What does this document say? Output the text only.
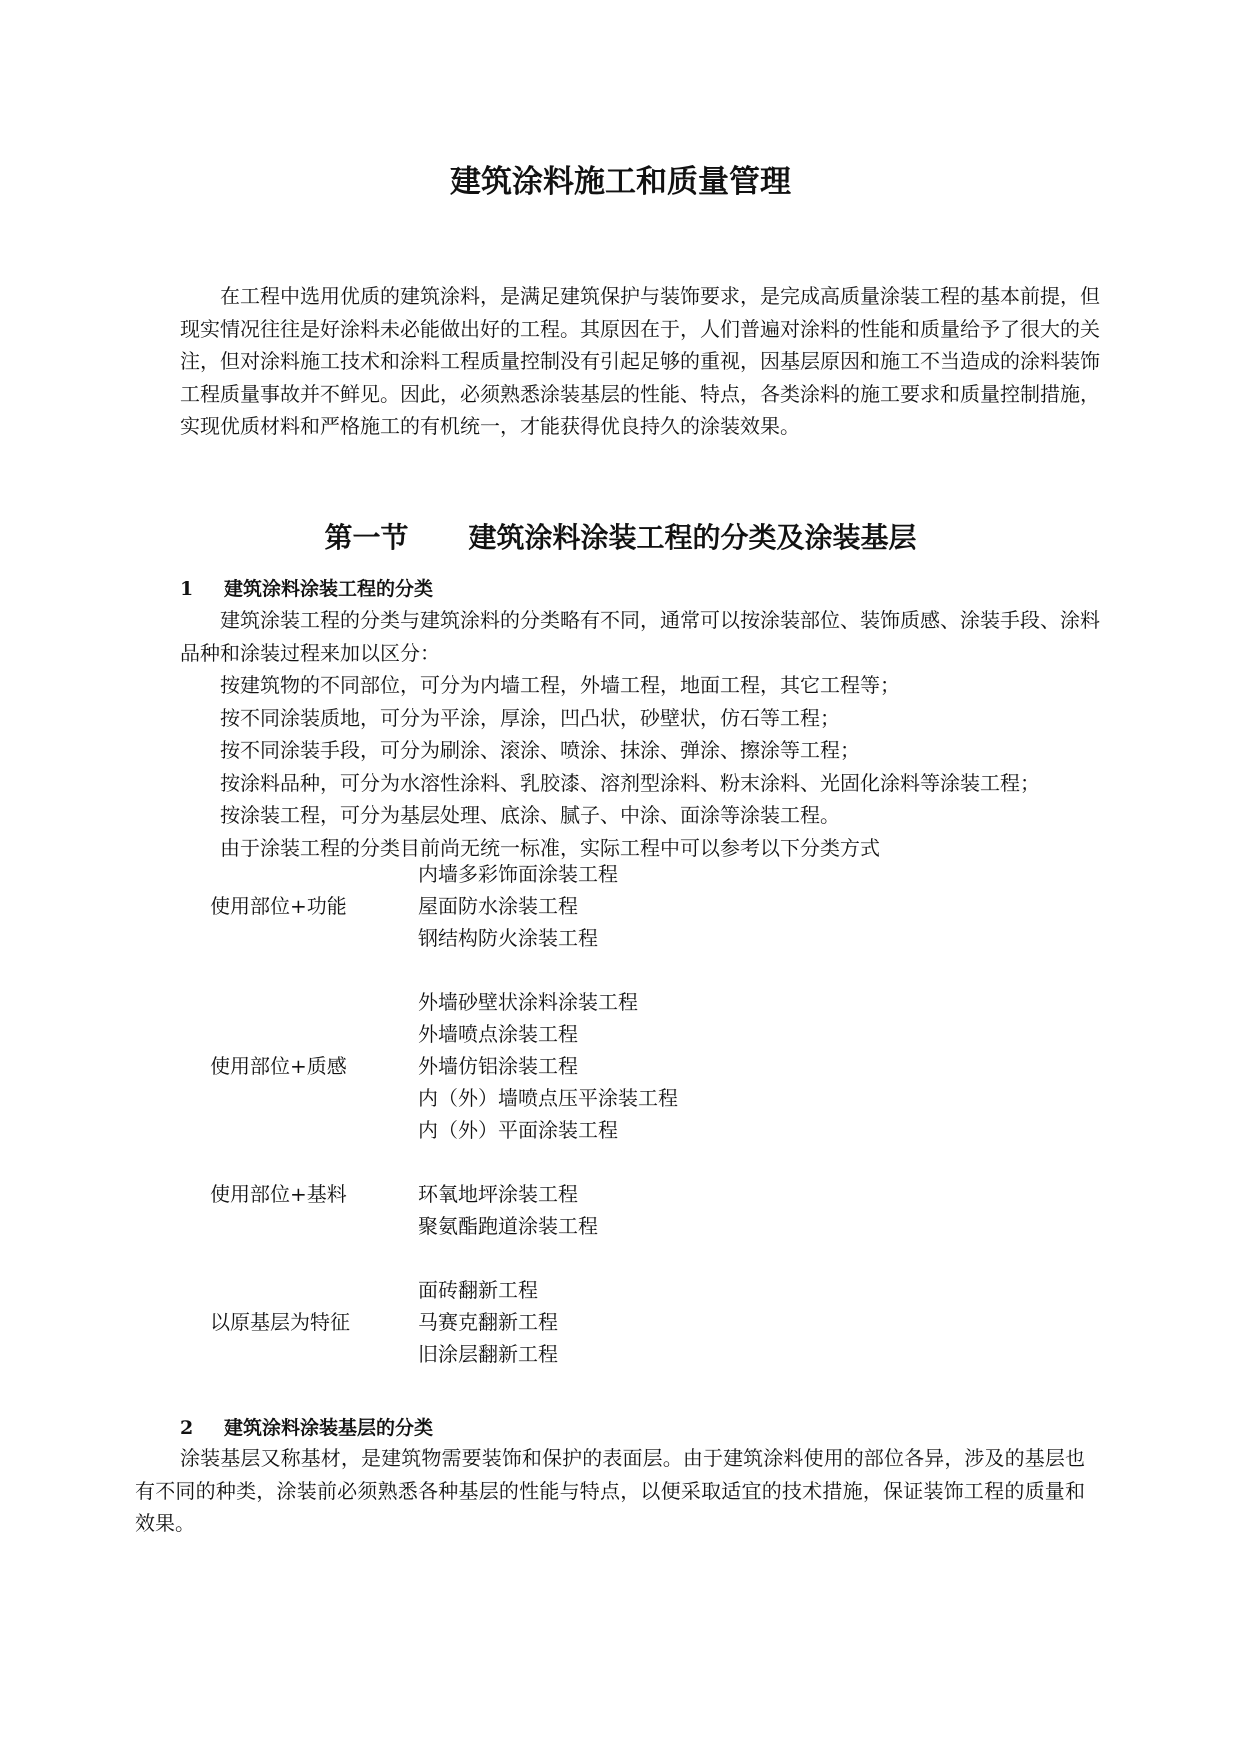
建筑涂料施工和质量管理

在工程中选用优质的建筑涂料，是满足建筑保护与装饰要求，是完成高质量涂装工程的基本前提，但现实情况往往是好涂料未必能做出好的工程。其原因在于，人们普遍对涂料的性能和质量给予了很大的关注，但对涂料施工技术和涂料工程质量控制没有引起足够的重视，因基层原因和施工不当造成的涂料装饰工程质量事故并不鲜见。因此，必须熟悉涂装基层的性能、特点，各类涂料的施工要求和质量控制措施，实现优质材料和严格施工的有机统一，才能获得优良持久的涂装效果。

第一节 建筑涂料涂装工程的分类及涂装基层
1 建筑涂料涂装工程的分类

建筑涂装工程的分类与建筑涂料的分类略有不同，通常可以按涂装部位、装饰质感、涂装手段、涂料品种和涂装过程来加以区分：

按建筑物的不同部位，可分为内墙工程，外墙工程，地面工程，其它工程等；

按不同涂装质地，可分为平涂，厚涂，凹凸状，砂壁状，仿石等工程；

按不同涂装手段，可分为刷涂、滚涂、喷涂、抹涂、弹涂、擦涂等工程；

按涂料品种，可分为水溶性涂料、乳胶漆、溶剂型涂料、粉末涂料、光固化涂料等涂装工程；

按涂装工程，可分为基层处理、底涂、腻子、中涂、面涂等涂装工程。

由于涂装工程的分类目前尚无统一标准，实际工程中可以参考以下分类方式

使用部位+功能

内墙多彩饰面涂装工程

屋面防水涂装工程

钢结构防火涂装工程

使用部位+质感

外墙砂壁状涂料涂装工程

外墙喷点涂装工程

外墙仿铝涂装工程

内（外）墙喷点压平涂装工程

内（外）平面涂装工程

使用部位+基料	环氧地坪涂装工程

聚氨酯跑道涂装工程

以原基层为特征

面砖翻新工程

马赛克翻新工程

旧涂层翻新工程

2 建筑涂料涂装基层的分类

涂装基层又称基材，是建筑物需要装饰和保护的表面层。由于建筑涂料使用的部位各异，涉及的基层也有不同的种类，涂装前必须熟悉各种基层的性能与特点，以便采取适宜的技术措施，保证装饰工程的质量和效果。
